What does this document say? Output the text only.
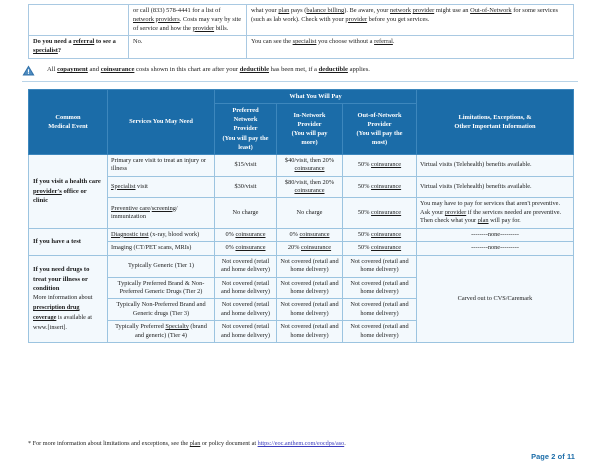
	or call (833) 578-4441 for a list of network providers. Costs may vary by site of service and how the provider bills.	what your plan pays (balance billing). Be aware, your network provider might use an Out-of-Network for some services (such as lab work). Check with your provider before you get services.
Do you need a referral to see a specialist?	No.	You can see the specialist you choose without a referral.
All copayment and coinsurance costs shown in this chart are after your deductible has been met, if a deductible applies.
Common
Medical Event	Services You May Need	What You Will Pay			Limitations, Exceptions, &
Other Important Information
		Preferred
Network
Provider
(You will pay the
least)	In-Network
Provider
(You will pay
more)	Out-of-Network
Provider
(You will pay the
most)	
If you visit a health care provider's office or clinic	Primary care visit to treat an injury or illness	$15/visit	$40/visit, then 20% coinsurance	50% coinsurance	Virtual visits (Telehealth) benefits available.
	Specialist visit	$30/visit	$80/visit, then 20% coinsurance	50% coinsurance	Virtual visits (Telehealth) benefits available.
	Preventive care/screening/ immunization	No charge	No charge	50% coinsurance	You may have to pay for services that aren't preventive. Ask your provider if the services needed are preventive. Then check what your plan will pay for.
If you have a test	Diagnostic test (x-ray, blood work)	0% coinsurance	0% coinsurance	50% coinsurance	--------none---------
	Imaging (CT/PET scans, MRIs)	0% coinsurance	20% coinsurance	50% coinsurance	--------none---------

If you need drugs to treat your illness or condition
More information about prescription drug coverage is available at www.[insert].	Typically Generic (Tier 1)	Not covered (retail and home delivery)	Not covered (retail and home delivery)	Not covered (retail and home delivery)	Carved out to CVS/Caremark
	Typically Preferred Brand & Non-Preferred Generic Drugs (Tier 2)	Not covered (retail and home delivery)	Not covered (retail and home delivery)	Not covered (retail and home delivery)	
	Typically Non-Preferred Brand and Generic drugs (Tier 3)	Not covered (retail and home delivery)	Not covered (retail and home delivery)	Not covered (retail and home delivery)	
	Typically Preferred Specialty (brand and generic) (Tier 4)	Not covered (retail and home delivery)	Not covered (retail and home delivery)	Not covered (retail and home delivery)	
* For more information about limitations and exceptions, see the plan or policy document at https://eoc.anthem.com/eocdps/aso.
Page 2 of 11
